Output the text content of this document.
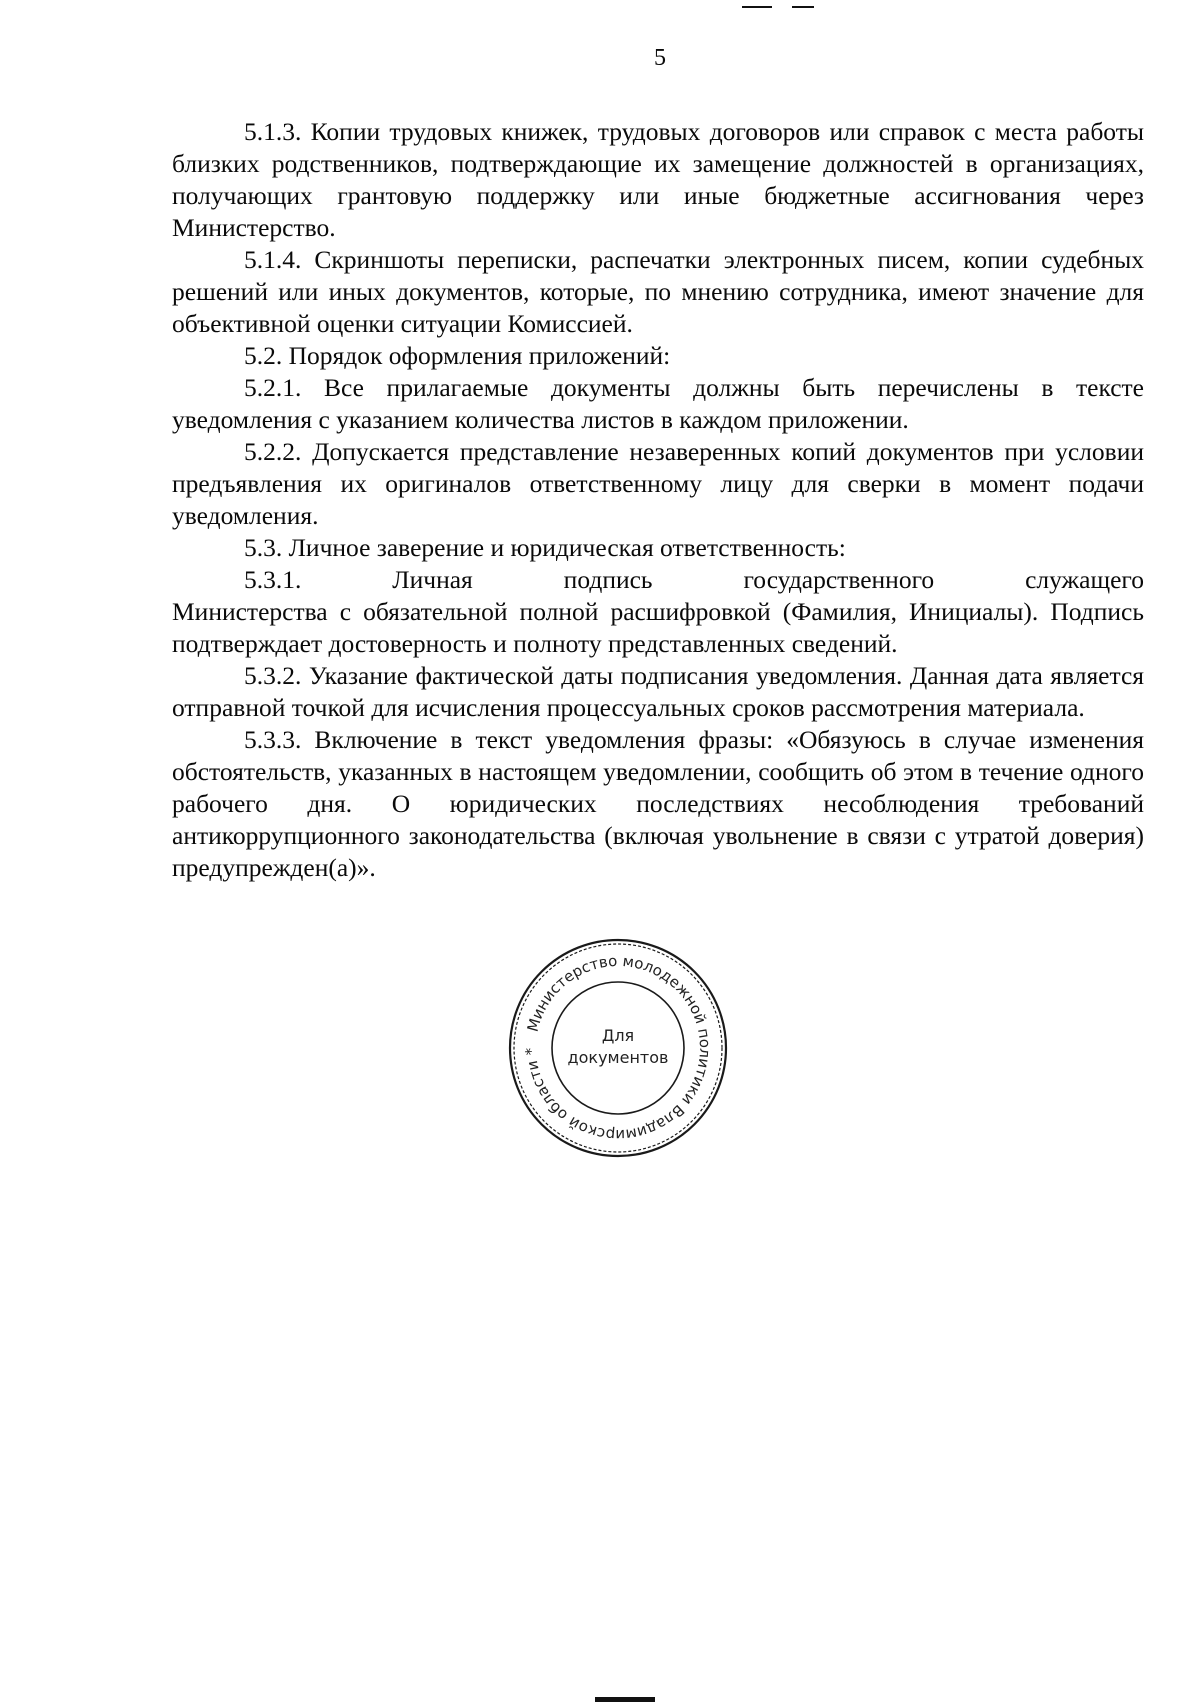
5

5.1.3. Копии трудовых книжек, трудовых договоров или справок с места работы близких родственников, подтверждающие их замещение должностей в организациях, получающих грантовую поддержку или иные бюджетные ассигнования через Министерство.

5.1.4. Скриншоты переписки, распечатки электронных писем, копии судебных решений или иных документов, которые, по мнению сотрудника, имеют значение для объективной оценки ситуации Комиссией.

5.2. Порядок оформления приложений:

5.2.1. Все прилагаемые документы должны быть перечислены в тексте уведомления с указанием количества листов в каждом приложении.

5.2.2. Допускается представление незаверенных копий документов при условии предъявления их оригиналов ответственному лицу для сверки в момент подачи уведомления.

5.3. Личное заверение и юридическая ответственность:

5.3.1. Личная подпись государственного служащего

Министерства с обязательной полной расшифровкой (Фамилия, Инициалы). Подпись подтверждает достоверность и полноту представленных сведений.

5.3.2. Указание фактической даты подписания уведомления. Данная дата является отправной точкой для исчисления процессуальных сроков рассмотрения материала.

5.3.3. Включение в текст уведомления фразы: «Обязуюсь в случае изменения обстоятельств, указанных в настоящем уведомлении, сообщить об этом в течение одного рабочего дня. О юридических последствиях несоблюдения требований антикоррупционного законодательства (включая увольнение в связи с утратой доверия) предупрежден(а)».

Министерство молодежной политики Владимирской области *
Для
документов
